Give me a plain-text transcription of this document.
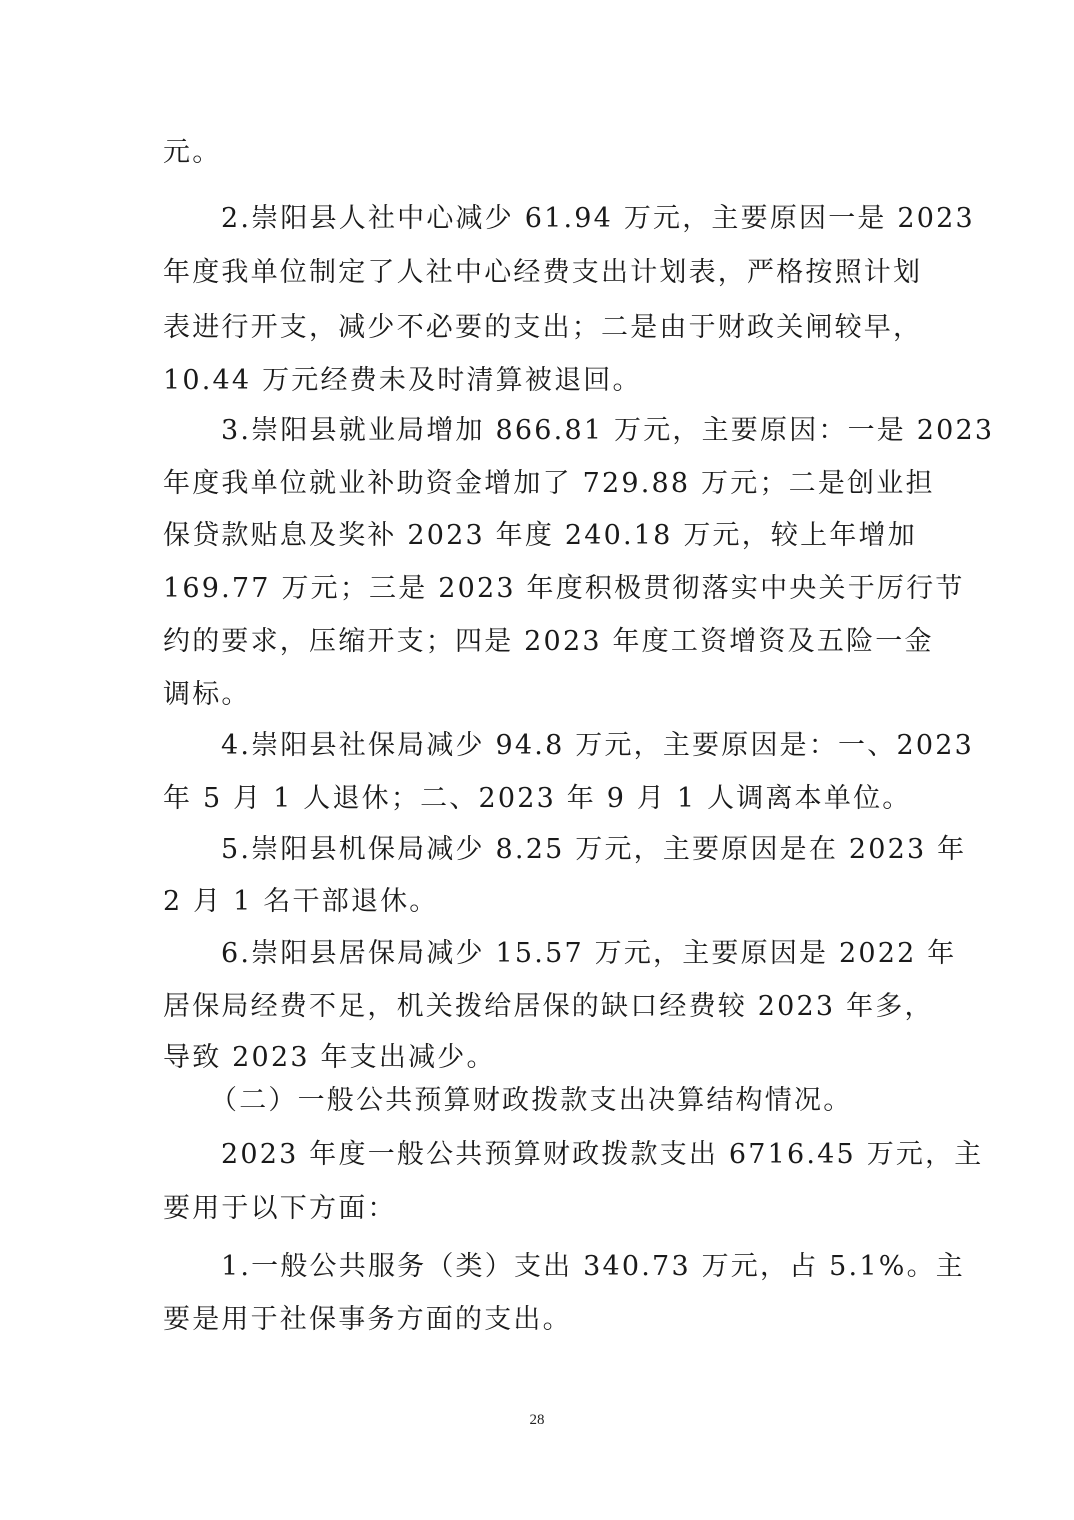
元。
2.崇阳县人社中心减少 61.94 万元，主要原因一是 2023
年度我单位制定了人社中心经费支出计划表，严格按照计划
表进行开支，减少不必要的支出；二是由于财政关闸较早，
10.44 万元经费未及时清算被退回。
3.崇阳县就业局增加 866.81 万元，主要原因：一是 2023
年度我单位就业补助资金增加了 729.88 万元；二是创业担
保贷款贴息及奖补 2023 年度 240.18 万元，较上年增加
169.77 万元；三是 2023 年度积极贯彻落实中央关于厉行节
约的要求，压缩开支；四是 2023 年度工资增资及五险一金
调标。
4.崇阳县社保局减少 94.8 万元，主要原因是：一、2023
年 5 月 1 人退休；二、2023 年 9 月 1 人调离本单位。
5.崇阳县机保局减少 8.25 万元，主要原因是在 2023 年
2 月 1 名干部退休。
6.崇阳县居保局减少 15.57 万元，主要原因是 2022 年
居保局经费不足，机关拨给居保的缺口经费较 2023 年多，
导致 2023 年支出减少。
（二）一般公共预算财政拨款支出决算结构情况。
2023 年度一般公共预算财政拨款支出 6716.45 万元，主
要用于以下方面：
1.一般公共服务（类）支出 340.73 万元，占 5.1%。主
要是用于社保事务方面的支出。
28
